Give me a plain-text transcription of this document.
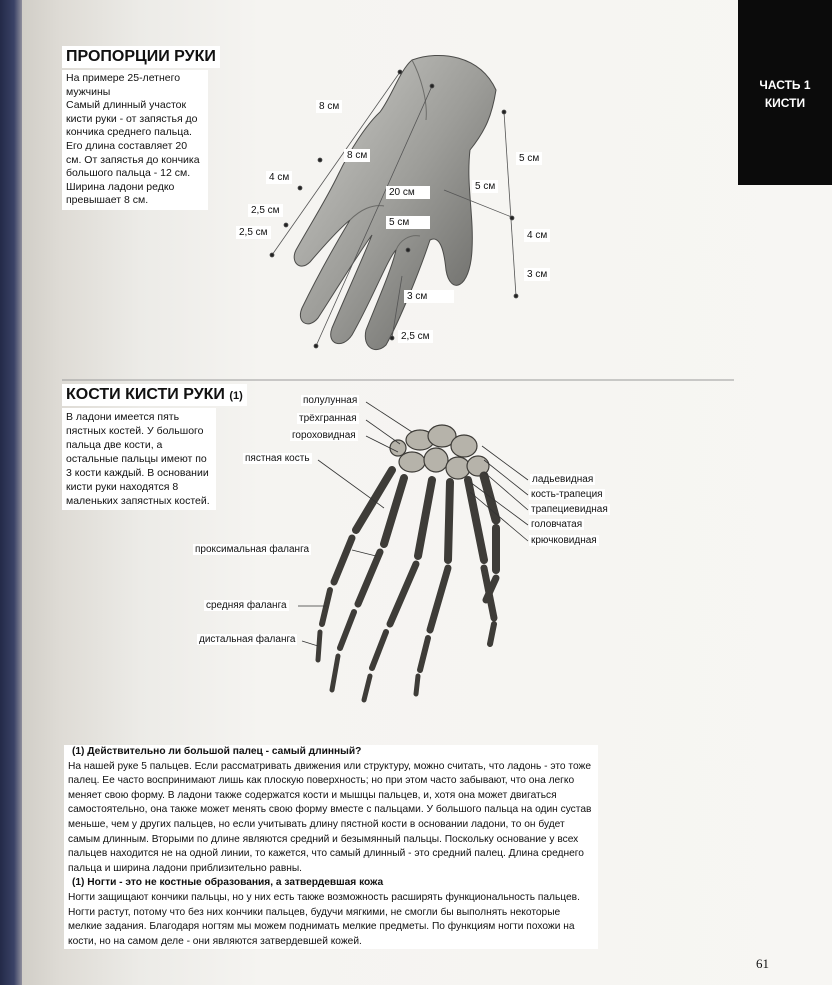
ЧАСТЬ 1
КИСТИ
ПРОПОРЦИИ РУКИ
На примере 25-летнего мужчины
Самый длинный участок кисти руки - от запястья до кончика среднего пальца. Его длина составляет 20 см. От запястья до кончика большого пальца - 12 см. Ширина ладони редко превышает 8 см.
8 см
8 см
4 см
2,5 см
2,5 см
20 см
5 см
5 см
5 см
4 см
3 см
3 см
2,5 см
КОСТИ КИСТИ РУКИ (1)
В ладони имеется пять пястных костей. У большого пальца две кости, а остальные пальцы имеют по 3 кости каждый. В основании кисти руки находятся 8 маленьких запястных костей.
полулунная
трёхгранная
гороховидная
пястная кость
проксимальная фаланга
средняя фаланга
дистальная фаланга
ладьевидная
кость-трапеция
трапециевидная
головчатая
крючковидная

(1) Действительно ли большой палец - самый длинный?

На нашей руке 5 пальцев. Если рассматривать движения или структуру, можно считать, что ладонь - это тоже палец. Ее часто воспринимают лишь как плоскую поверхность; но при этом часто забывают, что она легко меняет свою форму. В ладони также содержатся кости и мышцы пальцев, и, хотя она может двигаться самостоятельно, она также может менять свою форму вместе с пальцами. У большого пальца на один сустав меньше, чем у других пальцев, но если учитывать длину пястной кости в основании ладони, то он будет самым длинным. Вторыми по длине являются средний и безымянный пальцы. Поскольку основание у всех пальцев находится не на одной линии, то кажется, что самый длинный - это средний палец. Длина среднего пальца и ширина ладони приблизительно равны.

(1) Ногти - это не костные образования, а затвердевшая кожа

Ногти защищают кончики пальцы, но у них есть также возможность расширять функциональность пальцев. Ногти растут, потому что без них кончики пальцев, будучи мягкими, не смогли бы выполнять некоторые мелкие задания. Благодаря ногтям мы можем поднимать мелкие предметы. По функциям ногти похожи на кости, но на самом деле - они являются затвердевшей кожей.

61
